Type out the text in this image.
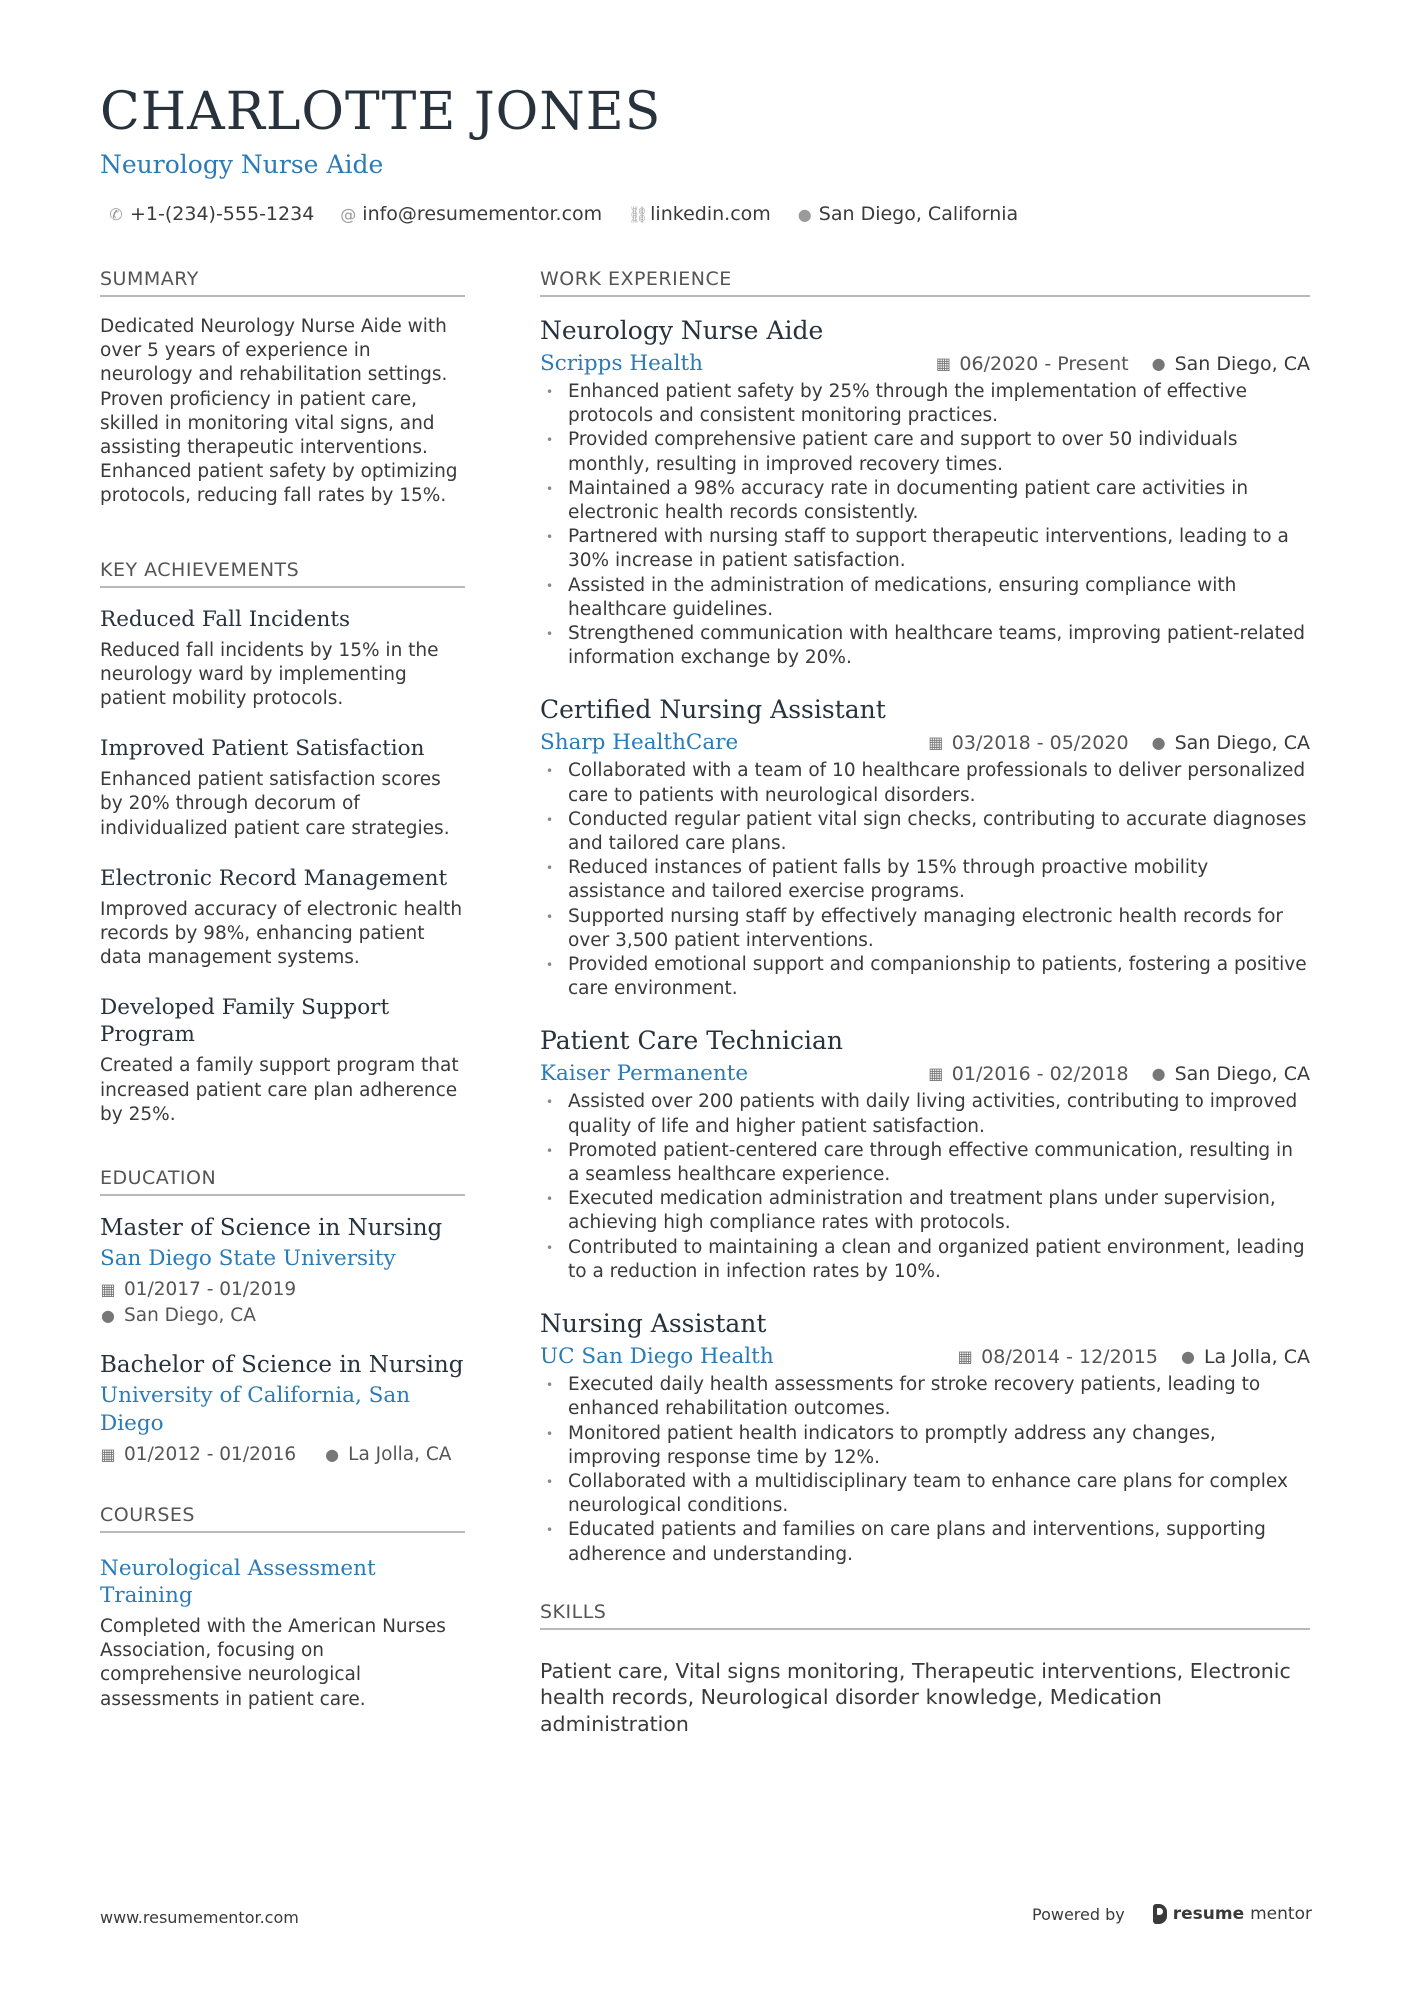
CHARLOTTE JONES
Neurology Nurse Aide
✆ +1-(234)-555-1234 @ info@resumementor.com ⛓ linkedin.com ● San Diego, California
SUMMARY
Dedicated Neurology Nurse Aide with over 5 years of experience in neurology and rehabilitation settings. Proven proficiency in patient care, skilled in monitoring vital signs, and assisting therapeutic interventions. Enhanced patient safety by optimizing protocols, reducing fall rates by 15%.
KEY ACHIEVEMENTS
Reduced Fall Incidents
Reduced fall incidents by 15% in the neurology ward by implementing patient mobility protocols.
Improved Patient Satisfaction
Enhanced patient satisfaction scores by 20% through decorum of individualized patient care strategies.
Electronic Record Management
Improved accuracy of electronic health records by 98%, enhancing patient data management systems.
Developed Family Support Program
Created a family support program that increased patient care plan adherence by 25%.
EDUCATION
Master of Science in Nursing
San Diego State University
▦ 01/2017 - 01/2019
● San Diego, CA
Bachelor of Science in Nursing
University of California, San Diego
▦ 01/2012 - 01/2016 ● La Jolla, CA
COURSES
Neurological Assessment Training
Completed with the American Nurses Association, focusing on comprehensive neurological assessments in patient care.
WORK EXPERIENCE
Neurology Nurse Aide
Scripps Health	▦ 06/2020 - Present ● San Diego, CA
• Enhanced patient safety by 25% through the implementation of effective protocols and consistent monitoring practices.
• Provided comprehensive patient care and support to over 50 individuals monthly, resulting in improved recovery times.
• Maintained a 98% accuracy rate in documenting patient care activities in electronic health records consistently.
• Partnered with nursing staff to support therapeutic interventions, leading to a 30% increase in patient satisfaction.
• Assisted in the administration of medications, ensuring compliance with healthcare guidelines.
• Strengthened communication with healthcare teams, improving patient-related information exchange by 20%.
Certified Nursing Assistant
Sharp HealthCare	▦ 03/2018 - 05/2020 ● San Diego, CA
• Collaborated with a team of 10 healthcare professionals to deliver personalized care to patients with neurological disorders.
• Conducted regular patient vital sign checks, contributing to accurate diagnoses and tailored care plans.
• Reduced instances of patient falls by 15% through proactive mobility assistance and tailored exercise programs.
• Supported nursing staff by effectively managing electronic health records for over 3,500 patient interventions.
• Provided emotional support and companionship to patients, fostering a positive care environment.
Patient Care Technician
Kaiser Permanente	▦ 01/2016 - 02/2018 ● San Diego, CA
• Assisted over 200 patients with daily living activities, contributing to improved quality of life and higher patient satisfaction.
• Promoted patient-centered care through effective communication, resulting in a seamless healthcare experience.
• Executed medication administration and treatment plans under supervision, achieving high compliance rates with protocols.
• Contributed to maintaining a clean and organized patient environment, leading to a reduction in infection rates by 10%.
Nursing Assistant
UC San Diego Health	▦ 08/2014 - 12/2015 ● La Jolla, CA
• Executed daily health assessments for stroke recovery patients, leading to enhanced rehabilitation outcomes.
• Monitored patient health indicators to promptly address any changes, improving response time by 12%.
• Collaborated with a multidisciplinary team to enhance care plans for complex neurological conditions.
• Educated patients and families on care plans and interventions, supporting adherence and understanding.
SKILLS
Patient care, Vital signs monitoring, Therapeutic interventions, Electronic health records, Neurological disorder knowledge, Medication administration
www.resumementor.com	Powered by	resume mentor
